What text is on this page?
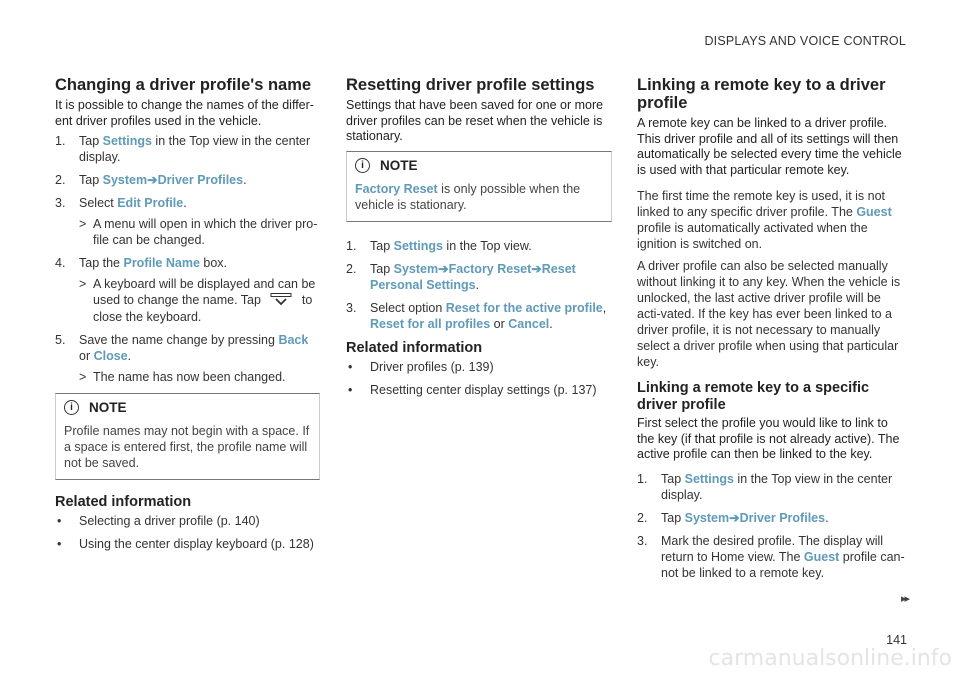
DISPLAYS AND VOICE CONTROL
Changing a driver profile's name
It is possible to change the names of the differ-ent driver profiles used in the vehicle.
1.	Tap Settings in the Top view in the center display.
2.	Tap System➔Driver Profiles.
3.	Select Edit Profile.
> A menu will open in which the driver pro-file can be changed.
4.	Tap the Profile Name box.
> A keyboard will be displayed and can be used to change the name. Tap	to close the keyboard.
5.	Save the name change by pressing Back or Close.
> The name has now been changed.
i	NOTE
Profile names may not begin with a space. If a space is entered first, the profile name will not be saved.
Related information
•	Selecting a driver profile (p. 140)
•	Using the center display keyboard (p. 128)
Resetting driver profile settings
Settings that have been saved for one or more driver profiles can be reset when the vehicle is stationary.
i	NOTE
Factory Reset is only possible when the vehicle is stationary.
1.	Tap Settings in the Top view.
2.	Tap System➔Factory Reset➔Reset Personal Settings.
3.	Select option Reset for the active profile, Reset for all profiles or Cancel.
Related information
•	Driver profiles (p. 139)
•	Resetting center display settings (p. 137)
Linking a remote key to a driver profile
A remote key can be linked to a driver profile. This driver profile and all of its settings will then automatically be selected every time the vehicle is used with that particular remote key.

The first time the remote key is used, it is not linked to any specific driver profile. The Guest profile is automatically activated when the ignition is switched on.

A driver profile can also be selected manually without linking it to any key. When the vehicle is unlocked, the last active driver profile will be acti-vated. If the key has ever been linked to a driver profile, it is not necessary to manually select a driver profile when using that particular key.

Linking a remote key to a specific driver profile
First select the profile you would like to link to the key (if that profile is not already active). The active profile can then be linked to the key.
1.	Tap Settings in the Top view in the center display.
2.	Tap System➔Driver Profiles.
3.	Mark the desired profile. The display will return to Home view. The Guest profile can-not be linked to a remote key.
▸▸
141
carmanualsonline.info
